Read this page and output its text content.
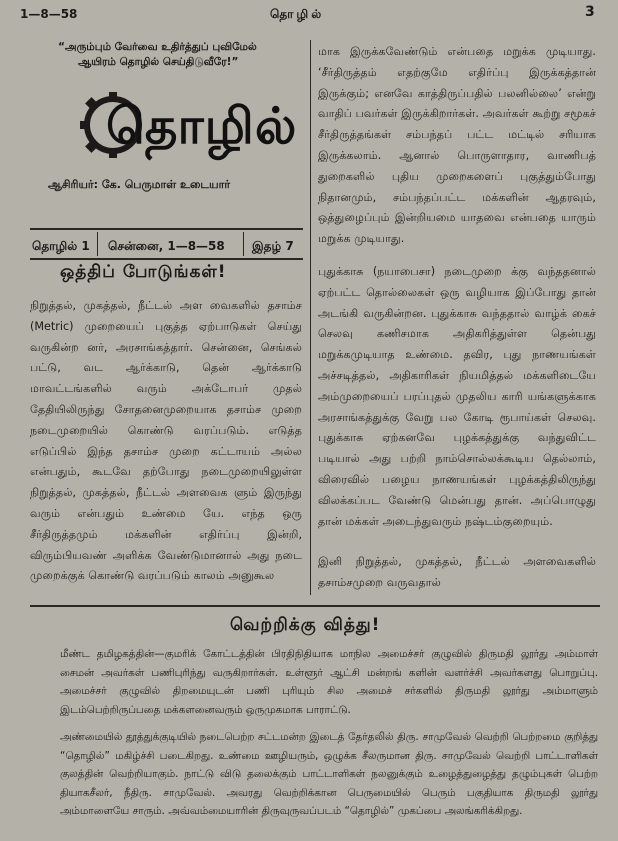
1—8—58	தொழில்	3
“அரும்பும் வேர்வை உதிர்த்துப் புவிமேல்
ஆயிரம் தொழில் செய்திடுவீரே!”
தொழில்
ஆசிரியர்: கே. பெருமாள் உடையார்
தொழில் 1 சென்னை, 1—8—58 இதழ் 7
ஒத்திப் போடுங்கள்!
நிறுத்தல், முகத்தல், நீட்டல் அள வைகளில் தசாம்ச (Metric) முறையைப் புகுத்த ஏற்பாடுகள் செய்து வருகின்ற னர், அரசாங்கத்தார். சென்னை, செங்கல் பட்டு, வட ஆர்க்காடு, தென் ஆர்க்காடு மாவட்டங்களில் வரும் அக்டோபர் முதல் தேதியிலிருந்து சோதனைமுறையாக தசாம்ச முறை நடைமுறையில் கொண்டு வரப்படும். எடுத்த எடுப்பில் இந்த தசாம்ச முறை கட்டாயம் அல்ல என்பதும், கூடவே தற்போது நடைமுறையிலுள்ள நிறுத்தல், முகத்தல், நீட்டல் அளவைக ளும் இருந்து வரும் என்பதும் உண்மை யே. எந்த ஒரு சீர்திருத்தமும் மக்களின் எதிர்ப்பு இன்றி, விரும்பியவண் அளிக்க வேண்டுமானால் அது நடை முறைக்குக் கொண்டு வரப்படும் காலம் அனுகூல
மாக இருக்கவேண்டும் என்பதை மறுக்க முடியாது. ‘சீர்திருத்தம் எதற்குமே எதிர்ப்பு இருக்கத்தான் இருக்கும்; எனவே காத்திருப்பதில் பலனில்லை’ என்று வாதிப் பவர்கள் இருக்கிறார்கள். அவர்கள் கூற்று சமூகச் சீர்திருத்தங்கள் சம்பந்தப் பட்ட மட்டில் சரியாக இருக்கலாம். ஆனால் பொருளாதார, வாணிபத் துறைகளில் புதிய முறைகளைப் புகுத்தும்போது நிதானமும், சம்பந்தப்பட்ட மக்களின் ஆதரவும், ஒத்துழைப்பும் இன்றியமை யாதவை என்பதை யாரும் மறுக்க முடியாது.
புதுக்காசு (நயாபைசா) நடைமுறை க்கு வந்ததனால் ஏற்பட்ட தொல்லைகள் ஒரு வழியாக இப்போது தான் அடங்கி வருகின்றன. புதுக்காசு வந்ததால் வாழ்க் கைச் செலவு கணிசமாக அதிகரித்துள்ள தென்பது மறுக்கமுடியாத உண்மை. தவிர, புது நாணயங்கள் அச்சடித்தல், அதிகாரிகள் நியமித்தல் மக்களிடையே அம்முறையைப் பரப்புதல் முதலிய காரி யங்களுக்காக அரசாங்கத்துக்கு வேறு பல கோடி ரூபாய்கள் செலவு. புதுக்காசு ஏற்கனவே புழக்கத்துக்கு வந்துவிட்ட படியால் அது பற்றி நாம்சொல்லக்கூடிய தெல்லாம், விரைவில் பழைய நாணயங்கள் புழக்கத்திலிருந்து விலக்கப்பட வேண்டு மென்பது தான். அப்பொழுது தான் மக்கள் அடைந்துவரும் நஷ்டம்குறையும்.
இனி நிறுத்தல், முகத்தல், நீட்டல் அளவைகளில் தசாம்சமுறை வருவதால்
வெற்றிக்கு வித்து!
மீண்ட தமிழகத்தின்—குமரிக் கோட்டத்தின் பிரதிநிதியாக மாநில அமைச்சர் குழுவில் திருமதி லூர்து அம்மாள் சைமன் அவர்கள் பணிபுரிந்து வருகிறார்கள். உள்ளூர் ஆட்சி மன்றங் களின் வளர்ச்சி அவர்களது பொறுப்பு. அமைச்சர் குழுவில் திறமையுடன் பணி புரியும் சில அமைச் சர்களில் திருமதி லூர்து அம்மாளும் இடம்பெற்றிருப்பதை மக்களனைவரும் ஒருமுகமாக பாராட்டு.
அண்மையில் தூத்துக்குடியில் நடைபெற்ற சட்டமன்ற இடைத் தேர்தலில் திரு. சாமுவேல் வெற்றி பெற்றமை குறித்து “தொழில்” மகிழ்ச்சி படைகிறது. உண்மை ஊழியரும், ஒழுக்க சீலருமான திரு. சாமுவேல் வெற்றி பாட்டாளிகள் குலத்தின் வெற்றியாகும். நாட்டு விடு தலைக்கும் பாட்டாளிகள் நலனுக்கும் உழைத்துழைத்து தழும்புகள் பெற்ற தியாகசீலர், நீதிரு. சாமுவேல். அவரது வெற்றிக்கான பெருமையில் பெரும் பகுதியாக திருமதி லூர்து அம்மாளையே சாரும். அவ்வம்மையாரின் திருவுருவப்படம் “தொழில்” முகப்பை அலங்கரிக்கிறது.
